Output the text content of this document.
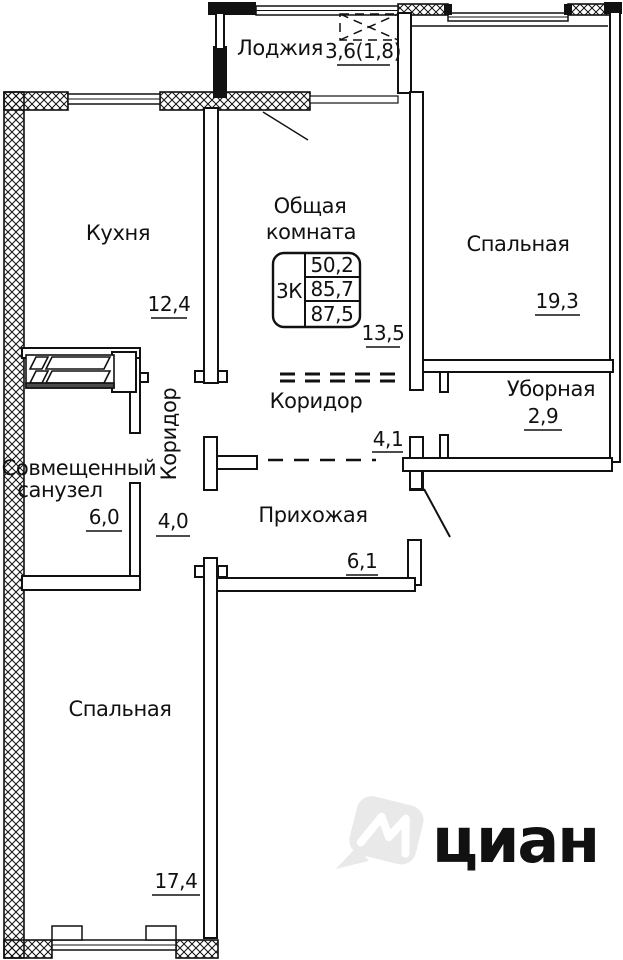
3К
50,2
85,7
87,5
Лоджия 3,6(1,8)
Кухня
12,4
Общая
комната
13,5
Спальная
19,3
Уборная
2,9
Коридор
4,1
Коридор
4,0
Совмещенный
санузел
6,0	Прихожая
6,1
Спальная
17,4
циан
